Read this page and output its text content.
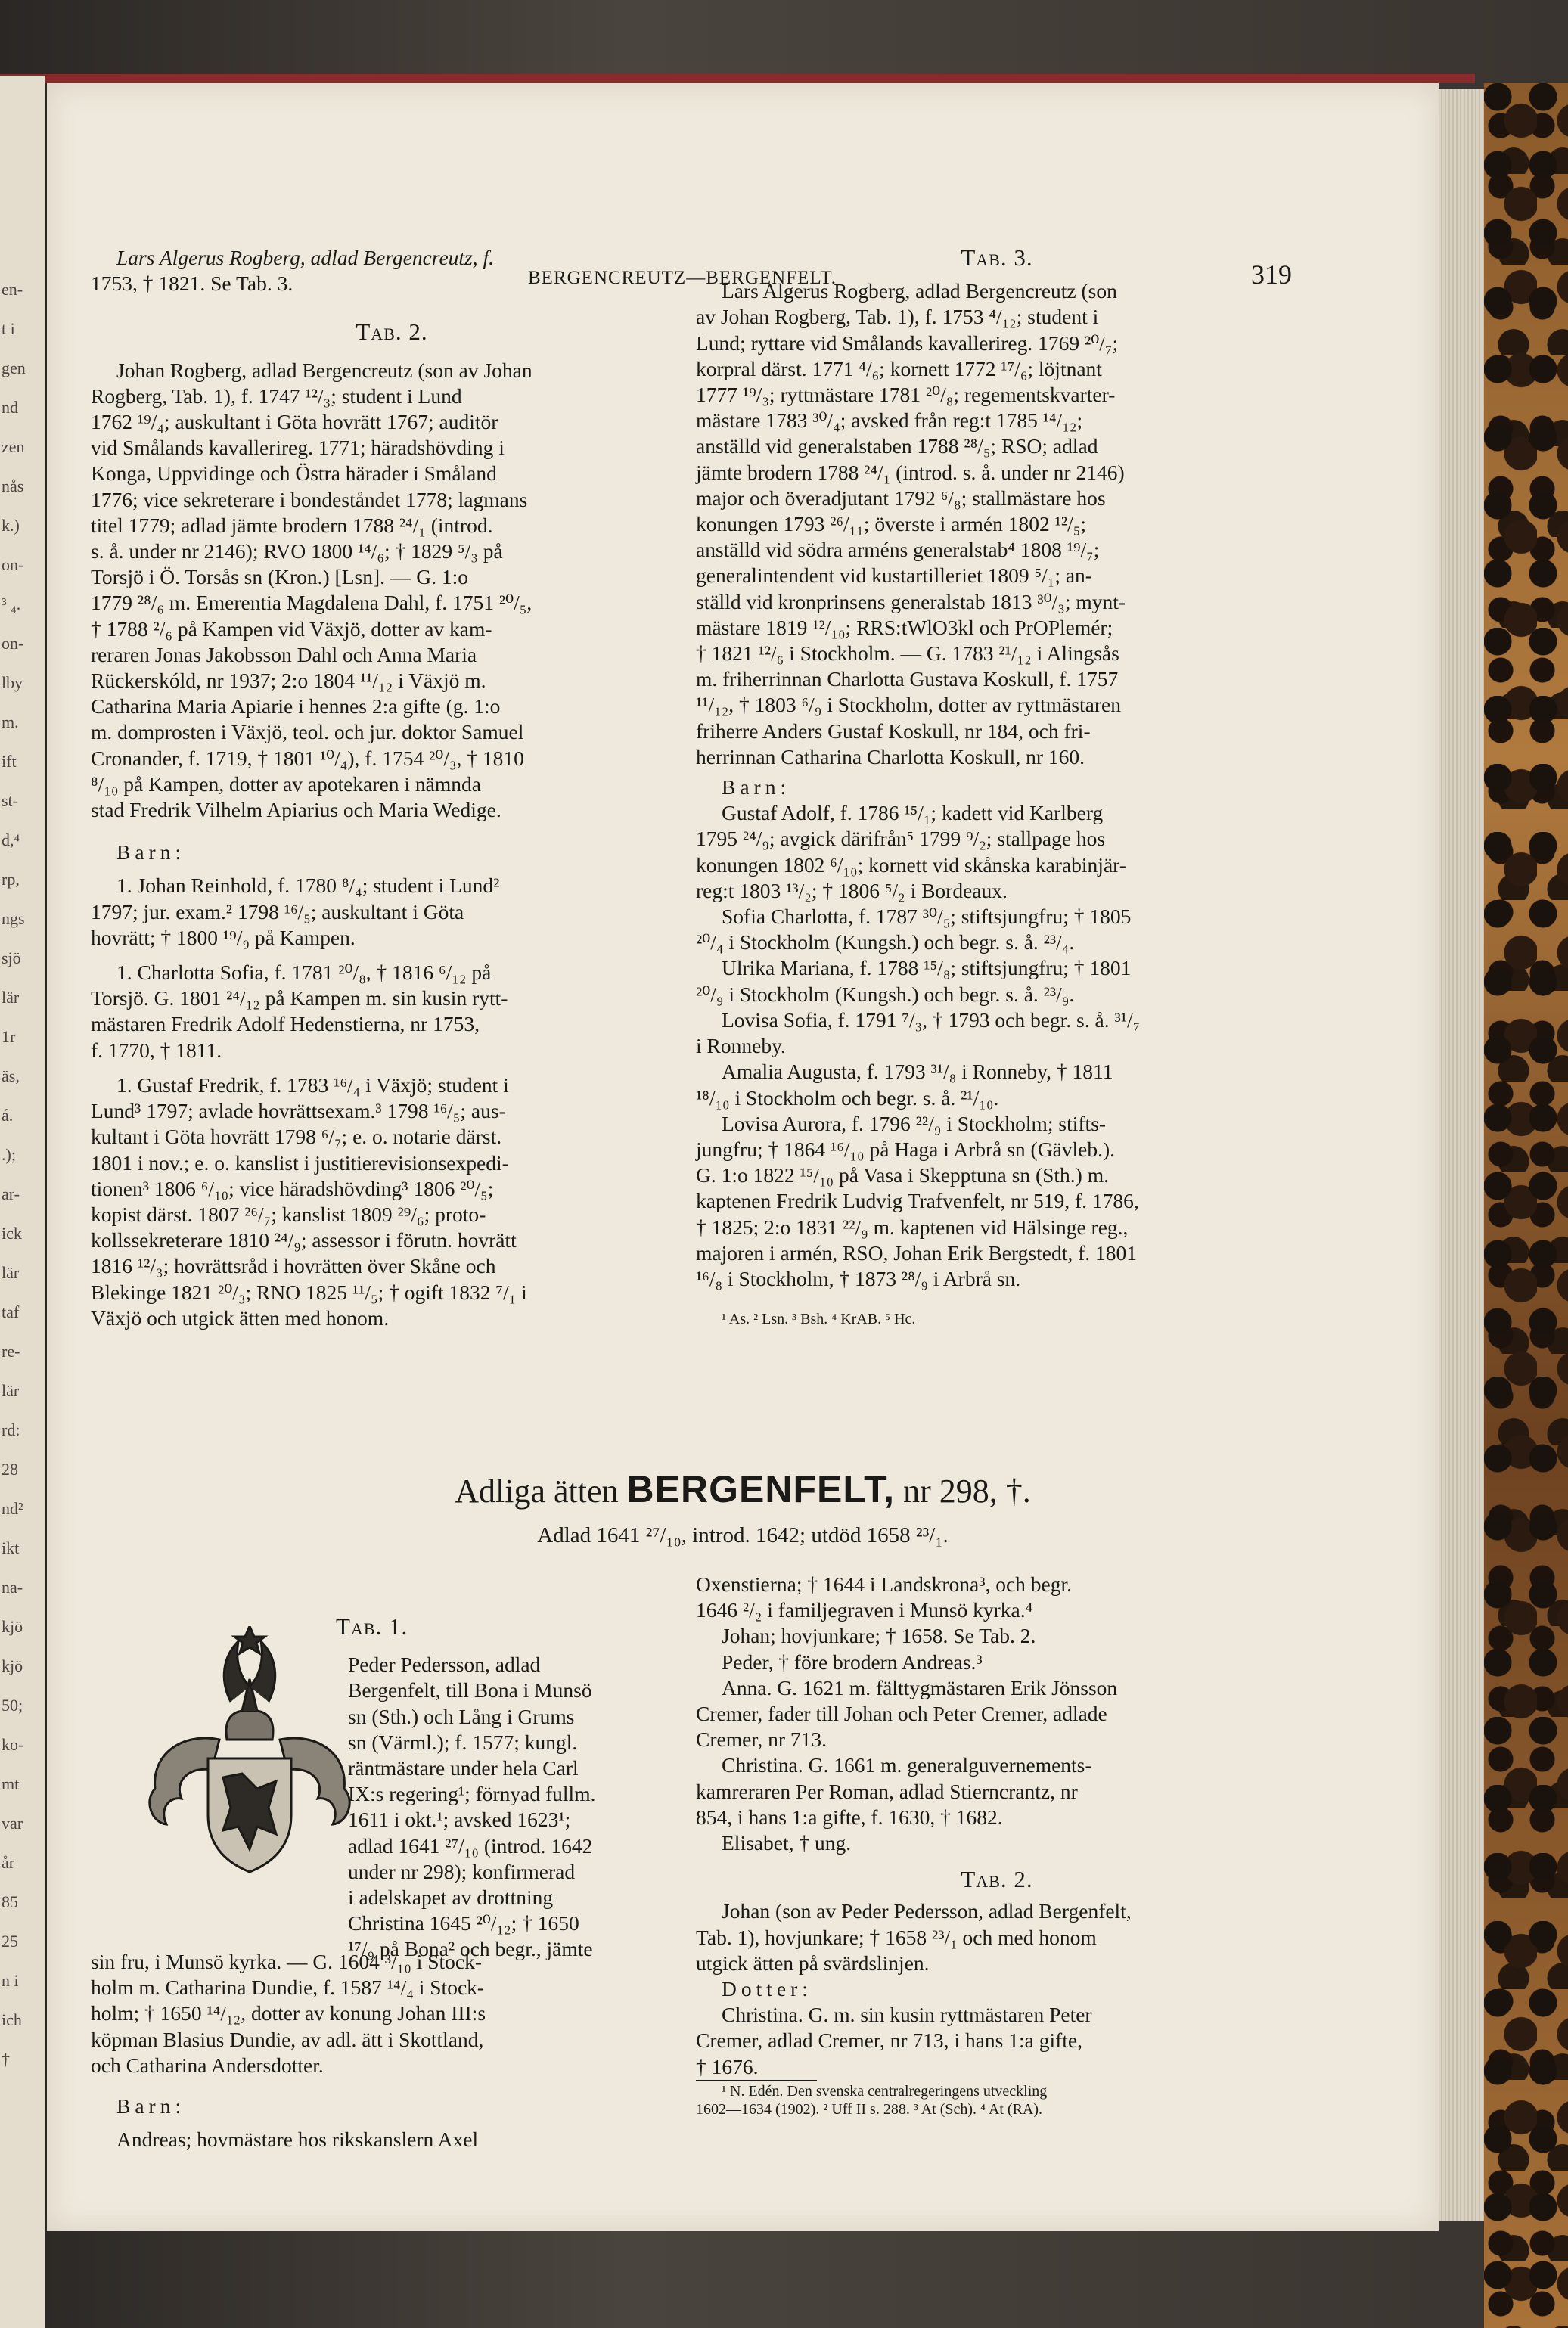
en-
t i
gen
nd
zen
nås
k.)
on-
³ ₄.
on-
lby
m.
ift
st-
d,⁴
rp,
ngs
sjö
lär
1r
äs,
á.
.);
ar-
ick
lär
taf
re-
lär
rd:
28
nd²
ikt
na-
kjö
kjö
50;
ko-
mt
var
år
85
25
n i
ich
†
BERGENCREUTZ—BERGENFELT.	319

Lars Algerus Rogberg, adlad Bergencreutz, f.

1753, † 1821. Se Tab. 3.

Tab. 2.

Johan Rogberg, adlad Bergencreutz (son av Johan

Rogberg, Tab. 1), f. 1747 ¹²/₃; student i Lund

1762 ¹⁹/₄; auskultant i Göta hovrätt 1767; auditör

vid Smålands kavallerireg. 1771; häradshövding i

Konga, Uppvidinge och Östra härader i Småland

1776; vice sekreterare i bondeståndet 1778; lagmans

titel 1779; adlad jämte brodern 1788 ²⁴/₁ (introd.

s. å. under nr 2146); RVO 1800 ¹⁴/₆; † 1829 ⁵/₃ på

Torsjö i Ö. Torsås sn (Kron.) [Lsn]. — G. 1:o

1779 ²⁸/₆ m. Emerentia Magdalena Dahl, f. 1751 ²⁰/₅,

† 1788 ²/₆ på Kampen vid Växjö, dotter av kam-

reraren Jonas Jakobsson Dahl och Anna Maria

Rückerskóld, nr 1937; 2:o 1804 ¹¹/₁₂ i Växjö m.

Catharina Maria Apiarie i hennes 2:a gifte (g. 1:o

m. domprosten i Växjö, teol. och jur. doktor Samuel

Cronander, f. 1719, † 1801 ¹⁰/₄), f. 1754 ²⁰/₃, † 1810

⁸/₁₀ på Kampen, dotter av apotekaren i nämnda

stad Fredrik Vilhelm Apiarius och Maria Wedige.

Barn:

1. Johan Reinhold, f. 1780 ⁸/₄; student i Lund²

1797; jur. exam.² 1798 ¹⁶/₅; auskultant i Göta

hovrätt; † 1800 ¹⁹/₉ på Kampen.

1. Charlotta Sofia, f. 1781 ²⁰/₈, † 1816 ⁶/₁₂ på

Torsjö. G. 1801 ²⁴/₁₂ på Kampen m. sin kusin rytt-

mästaren Fredrik Adolf Hedenstierna, nr 1753,

f. 1770, † 1811.

1. Gustaf Fredrik, f. 1783 ¹⁶/₄ i Växjö; student i

Lund³ 1797; avlade hovrättsexam.³ 1798 ¹⁶/₅; aus-

kultant i Göta hovrätt 1798 ⁶/₇; e. o. notarie därst.

1801 i nov.; e. o. kanslist i justitierevisionsexpedi-

tionen³ 1806 ⁶/₁₀; vice häradshövding³ 1806 ²⁰/₅;

kopist därst. 1807 ²⁶/₇; kanslist 1809 ²⁹/₆; proto-

kollssekreterare 1810 ²⁴/₉; assessor i förutn. hovrätt

1816 ¹²/₃; hovrättsråd i hovrätten över Skåne och

Blekinge 1821 ²⁰/₃; RNO 1825 ¹¹/₅; † ogift 1832 ⁷/₁ i

Växjö och utgick ätten med honom.

Tab. 3.

Lars Algerus Rogberg, adlad Bergencreutz (son

av Johan Rogberg, Tab. 1), f. 1753 ⁴/₁₂; student i

Lund; ryttare vid Smålands kavallerireg. 1769 ²⁰/₇;

korpral därst. 1771 ⁴/₆; kornett 1772 ¹⁷/₆; löjtnant

1777 ¹⁹/₃; ryttmästare 1781 ²⁰/₈; regementskvarter-

mästare 1783 ³⁰/₄; avsked från reg:t 1785 ¹⁴/₁₂;

anställd vid generalstaben 1788 ²⁸/₅; RSO; adlad

jämte brodern 1788 ²⁴/₁ (introd. s. å. under nr 2146)

major och överadjutant 1792 ⁶/₈; stallmästare hos

konungen 1793 ²⁶/₁₁; överste i armén 1802 ¹²/₅;

anställd vid södra arméns generalstab⁴ 1808 ¹⁹/₇;

generalintendent vid kustartilleriet 1809 ⁵/₁; an-

ställd vid kronprinsens generalstab 1813 ³⁰/₃; mynt-

mästare 1819 ¹²/₁₀; RRS:tWlO3kl och PrOPlemér;

† 1821 ¹²/₆ i Stockholm. — G. 1783 ²¹/₁₂ i Alingsås

m. friherrinnan Charlotta Gustava Koskull, f. 1757

¹¹/₁₂, † 1803 ⁶/₉ i Stockholm, dotter av ryttmästaren

friherre Anders Gustaf Koskull, nr 184, och fri-

herrinnan Catharina Charlotta Koskull, nr 160.

Barn:

Gustaf Adolf, f. 1786 ¹⁵/₁; kadett vid Karlberg

1795 ²⁴/₉; avgick därifrån⁵ 1799 ⁹/₂; stallpage hos

konungen 1802 ⁶/₁₀; kornett vid skånska karabinjär-

reg:t 1803 ¹³/₂; † 1806 ⁵/₂ i Bordeaux.

Sofia Charlotta, f. 1787 ³⁰/₅; stiftsjungfru; † 1805

²⁰/₄ i Stockholm (Kungsh.) och begr. s. å. ²³/₄.

Ulrika Mariana, f. 1788 ¹⁵/₈; stiftsjungfru; † 1801

²⁰/₉ i Stockholm (Kungsh.) och begr. s. å. ²³/₉.

Lovisa Sofia, f. 1791 ⁷/₃, † 1793 och begr. s. å. ³¹/₇

i Ronneby.

Amalia Augusta, f. 1793 ³¹/₈ i Ronneby, † 1811

¹⁸/₁₀ i Stockholm och begr. s. å. ²¹/₁₀.

Lovisa Aurora, f. 1796 ²²/₉ i Stockholm; stifts-

jungfru; † 1864 ¹⁶/₁₀ på Haga i Arbrå sn (Gävleb.).

G. 1:o 1822 ¹⁵/₁₀ på Vasa i Skepptuna sn (Sth.) m.

kaptenen Fredrik Ludvig Trafvenfelt, nr 519, f. 1786,

† 1825; 2:o 1831 ²²/₉ m. kaptenen vid Hälsinge reg.,

majoren i armén, RSO, Johan Erik Bergstedt, f. 1801

¹⁶/₈ i Stockholm, † 1873 ²⁸/₉ i Arbrå sn.

¹ As. ² Lsn. ³ Bsh. ⁴ KrAB. ⁵ Hc.

Adliga ätten BERGENFELT, nr 298, †.
Adlad 1641 ²⁷/₁₀, introd. 1642; utdöd 1658 ²³/₁.

Tab. 1.

Peder Pedersson, adlad

Bergenfelt, till Bona i Munsö

sn (Sth.) och Lång i Grums

sn (Värml.); f. 1577; kungl.

räntmästare under hela Carl

IX:s regering¹; förnyad fullm.

1611 i okt.¹; avsked 1623¹;

adlad 1641 ²⁷/₁₀ (introd. 1642

under nr 298); konfirmerad

i adelskapet av drottning

Christina 1645 ²⁰/₁₂; † 1650

¹⁷/₉ på Bona² och begr., jämte

sin fru, i Munsö kyrka. — G. 1604 ³/₁₀ i Stock-

holm m. Catharina Dundie, f. 1587 ¹⁴/₄ i Stock-

holm; † 1650 ¹⁴/₁₂, dotter av konung Johan III:s

köpman Blasius Dundie, av adl. ätt i Skottland,

och Catharina Andersdotter.

Barn:

Andreas; hovmästare hos rikskanslern Axel

Oxenstierna; † 1644 i Landskrona³, och begr.

1646 ²/₂ i familjegraven i Munsö kyrka.⁴

Johan; hovjunkare; † 1658. Se Tab. 2.

Peder, † före brodern Andreas.³

Anna. G. 1621 m. fälttygmästaren Erik Jönsson

Cremer, fader till Johan och Peter Cremer, adlade

Cremer, nr 713.

Christina. G. 1661 m. generalguvernements-

kamreraren Per Roman, adlad Stierncrantz, nr

854, i hans 1:a gifte, f. 1630, † 1682.

Elisabet, † ung.

Tab. 2.

Johan (son av Peder Pedersson, adlad Bergenfelt,

Tab. 1), hovjunkare; † 1658 ²³/₁ och med honom

utgick ätten på svärdslinjen.

Dotter:

Christina. G. m. sin kusin ryttmästaren Peter

Cremer, adlad Cremer, nr 713, i hans 1:a gifte,

† 1676.

¹ N. Edén. Den svenska centralregeringens utveckling

1602—1634 (1902). ² Uff II s. 288. ³ At (Sch). ⁴ At (RA).
